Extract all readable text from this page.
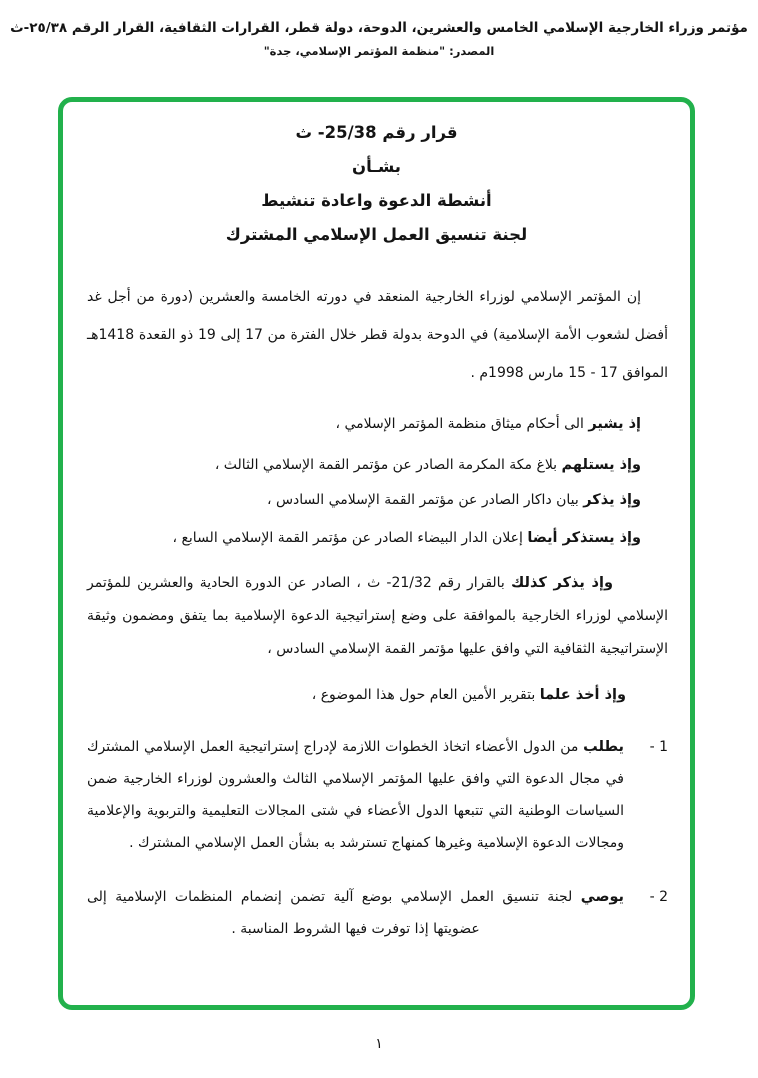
مؤتمر وزراء الخارجية الإسلامي الخامس والعشرين، الدوحة، دولة قطر، القرارات الثقافية، القرار الرقم ٢٥/٣٨-ث
المصدر: "منظمة المؤتمر الإسلامي، جدة"
قرار رقم 25/38- ث
بشـأن
أنشطة الدعوة واعادة تنشيط
لجنة تنسيق العمل الإسلامي المشترك

إن المؤتمر الإسلامي لوزراء الخارجية المنعقد في دورته الخامسة والعشرين (دورة من أجل غد أفضل لشعوب الأمة الإسلامية) في الدوحة بدولة قطر خلال الفترة من 17 إلى 19 ذو القعدة 1418هـ الموافق 15 - 17 مارس 1998م .

إذ يشير الى أحكام ميثاق منظمة المؤتمر الإسلامي ،

وإذ يستلهم بلاغ مكة المكرمة الصادر عن مؤتمر القمة الإسلامي الثالث ،

وإذ يذكر بيان داكار الصادر عن مؤتمر القمة الإسلامي السادس ،

وإذ يستذكر أيضا إعلان الدار البيضاء الصادر عن مؤتمر القمة الإسلامي السابع ،

وإذ يذكر كذلك بالقرار رقم 21/32- ث ، الصادر عن الدورة الحادية والعشرين للمؤتمر الإسلامي لوزراء الخارجية بالموافقة على وضع إستراتيجية الدعوة الإسلامية بما يتفق ومضمون وثيقة الإستراتيجية الثقافية التي وافق عليها مؤتمر القمة الإسلامي السادس ،

وإذ أخذ علما بتقرير الأمين العام حول هذا الموضوع ،

1 -
يطلب من الدول الأعضاء اتخاذ الخطوات اللازمة لإدراج إستراتيجية العمل الإسلامي المشترك في مجال الدعوة التي وافق عليها المؤتمر الإسلامي الثالث والعشرون لوزراء الخارجية ضمن السياسات الوطنية التي تتبعها الدول الأعضاء في شتى المجالات التعليمية والتربوية والإعلامية ومجالات الدعوة الإسلامية وغيرها كمنهاج تسترشد به بشأن العمل الإسلامي المشترك .
2 -
يوصي لجنة تنسيق العمل الإسلامي بوضع آلية تضمن إنضمام المنظمات الإسلامية إلى عضويتها إذا توفرت فيها الشروط المناسبة .
١
